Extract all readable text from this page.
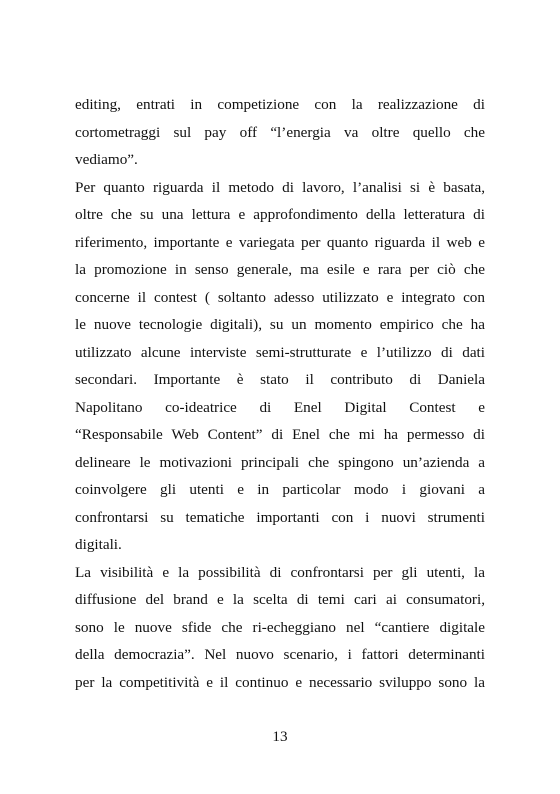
editing, entrati in competizione con la realizzazione di
cortometraggi sul pay off “l’energia va oltre quello che
vediamo”.
Per quanto riguarda il metodo di lavoro, l’analisi si è basata,
oltre che su una lettura e approfondimento della letteratura di
riferimento, importante e variegata per quanto riguarda il web e
la promozione in senso generale, ma esile e rara per ciò che
concerne il contest ( soltanto adesso utilizzato e integrato con
le nuove tecnologie digitali), su un momento empirico che ha
utilizzato alcune interviste semi-strutturate e l’utilizzo di dati
secondari. Importante è stato il contributo di Daniela
Napolitano co-ideatrice di Enel Digital Contest e
“Responsabile Web Content” di Enel che mi ha permesso di
delineare le motivazioni principali che spingono un’azienda a
coinvolgere gli utenti e in particolar modo i giovani a
confrontarsi su tematiche importanti con i nuovi strumenti
digitali.
La visibilità e la possibilità di confrontarsi per gli utenti, la
diffusione del brand e la scelta di temi cari ai consumatori,
sono le nuove sfide che ri-echeggiano nel “cantiere digitale
della democrazia”. Nel nuovo scenario, i fattori determinanti
per la competitività e il continuo e necessario sviluppo sono la
13
